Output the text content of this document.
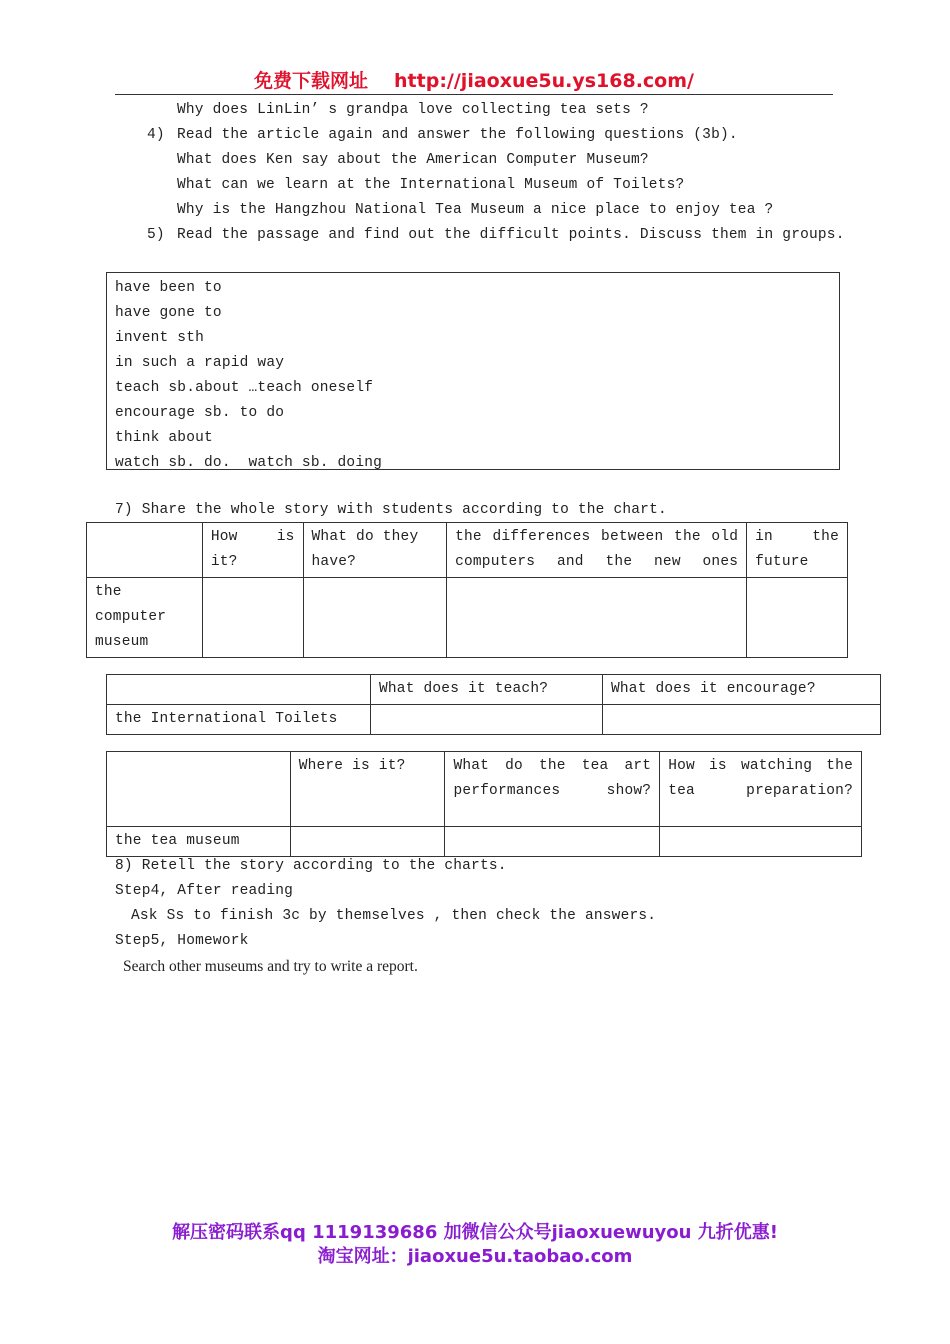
免费下载网址 http://jiaoxue5u.ys168.com/
Why does LinLin’ s grandpa love collecting tea sets ?
4) Read the article again and answer the following questions (3b).
What does Ken say about the American Computer Museum?
What can we learn at the International Museum of Toilets?
Why is the Hangzhou National Tea Museum a nice place to enjoy tea ?
5) Read the passage and find out the difficult points. Discuss them in groups.
have been to
have gone to
invent sth
in such a rapid way
teach sb.about …teach oneself
encourage sb. to do
think about
watch sb. do.  watch sb. doing
7) Share the whole story with students according to the chart.
	How is it?	What do they have?	the differences between the old computers and the new ones	in the future
the computer museum				
	What does it teach?	What does it encourage?
the International Toilets		
	Where is it?	What do the tea art performances show?	How is watching the tea preparation?
the tea museum			
8) Retell the story according to the charts.
Step4, After reading
Ask Ss to finish 3c by themselves , then check the answers.
Step5, Homework
Search other museums and try to write a report.
解压密码联系qq 1119139686 加微信公众号jiaoxuewuyou 九折优惠!
淘宝网址：jiaoxue5u.taobao.com
